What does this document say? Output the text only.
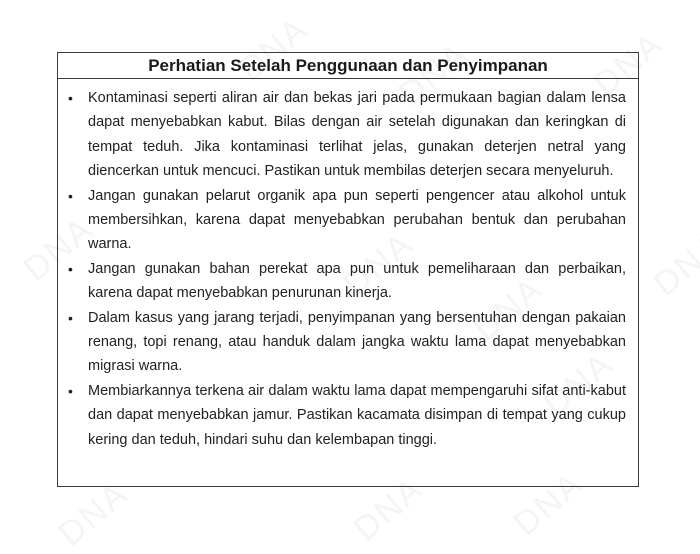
Perhatian Setelah Penggunaan dan Penyimpanan
•	Kontaminasi seperti aliran air dan bekas jari pada permukaan bagian dalam lensa dapat menyebabkan kabut. Bilas dengan air setelah digunakan dan keringkan di tempat teduh. Jika kontaminasi terlihat jelas, gunakan deterjen netral yang diencerkan untuk mencuci. Pastikan untuk membilas deterjen secara menyeluruh.
•	Jangan gunakan pelarut organik apa pun seperti pengencer atau alkohol untuk membersihkan, karena dapat menyebabkan perubahan bentuk dan perubahan warna.
•	Jangan gunakan bahan perekat apa pun untuk pemeliharaan dan perbaikan, karena dapat menyebabkan penurunan kinerja.
•	Dalam kasus yang jarang terjadi, penyimpanan yang bersentuhan dengan pakaian renang, topi renang, atau handuk dalam jangka waktu lama dapat menyebabkan migrasi warna.
•	Membiarkannya terkena air dalam waktu lama dapat mempengaruhi sifat anti-kabut dan dapat menyebabkan jamur. Pastikan kacamata disimpan di tempat yang cukup kering dan teduh, hindari suhu dan kelembapan tinggi.
